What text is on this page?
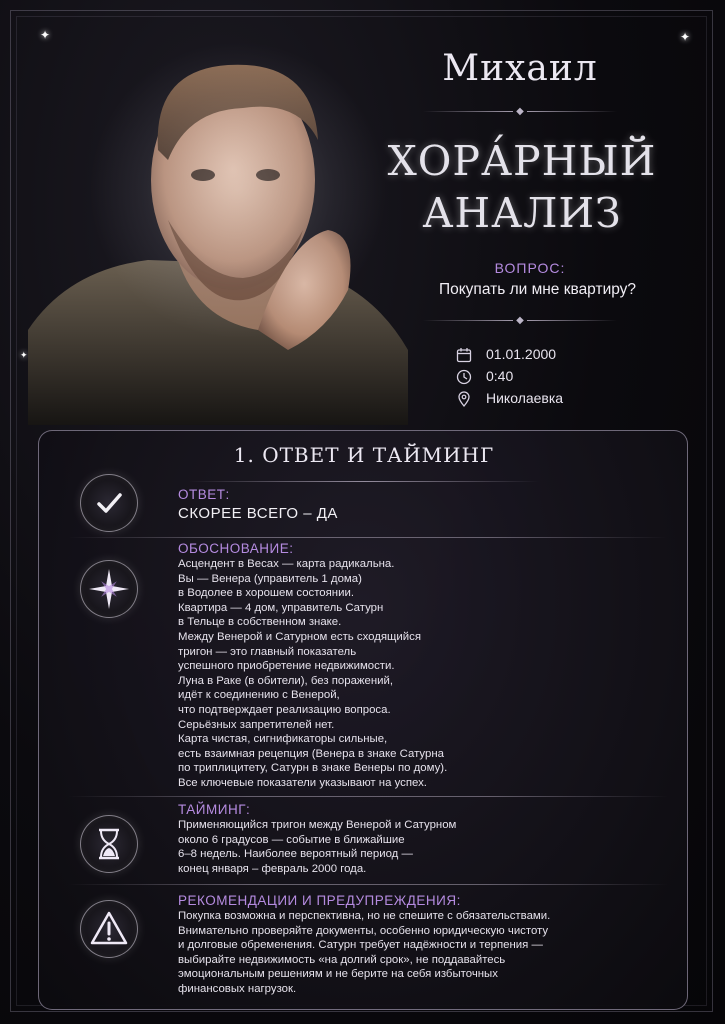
✦	✦
✦
Михаил
◆
ХОРА́РНЫЙ
АНАЛИЗ
ВОПРОС:
Покупать ли мне квартиру?
◆
01.01.2000
0:40
Николаевка
1. ОТВЕТ И ТАЙМИНГ
ОТВЕТ:
СКОРЕЕ ВСЕГО – ДА
ОБОСНОВАНИЕ:
Асцендент в Весах — карта радикальна.
Вы — Венера (управитель 1 дома)
в Водолее в хорошем состоянии.
Квартира — 4 дом, управитель Сатурн
в Тельце в собственном знаке.
Между Венерой и Сатурном есть сходящийся
тригон — это главный показатель
успешного приобретение недвижимости.
Луна в Раке (в обители), без поражений,
идёт к соединению с Венерой,
что подтверждает реализацию вопроса.
Серьёзных запретителей нет.
Карта чистая, сигнификаторы сильные,
есть взаимная рецепция (Венера в знаке Сатурна
по триплицитету, Сатурн в знаке Венеры по дому).
Все ключевые показатели указывают на успех.
ТАЙМИНГ:
Применяющийся тригон между Венерой и Сатурном
около 6 градусов — событие в ближайшие
6–8 недель. Наиболее вероятный период —
конец января – февраль 2000 года.
РЕКОМЕНДАЦИИ И ПРЕДУПРЕЖДЕНИЯ:
Покупка возможна и перспективна, но не спешите с обязательствами.
Внимательно проверяйте документы, особенно юридическую чистоту
и долговые обременения. Сатурн требует надёжности и терпения —
выбирайте недвижимость «на долгий срок», не поддавайтесь
эмоциональным решениям и не берите на себя избыточных
финансовых нагрузок.
